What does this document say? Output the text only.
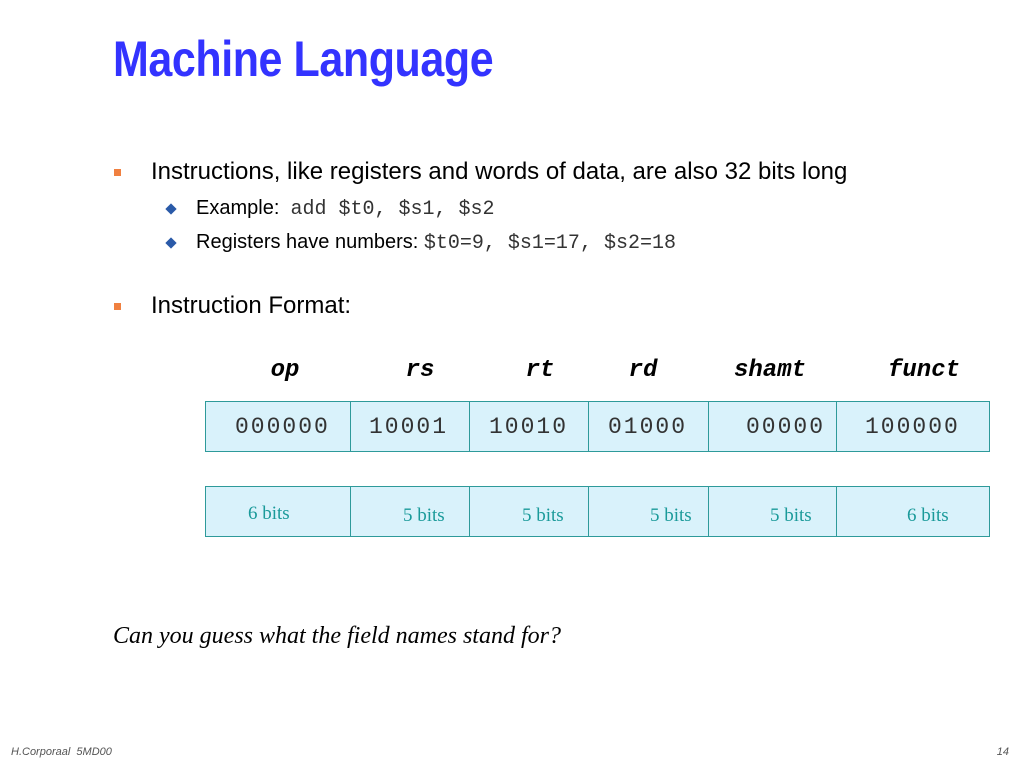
Machine Language
Instructions, like registers and words of data, are also 32 bits long
Example: add $t0, $s1, $s2
Registers have numbers: $t0=9, $s1=17, $s2=18
Instruction Format:
op	rs	rt	rd	shamt	funct
000000	10001	10010	01000	00000	100000
6 bits	5 bits	5 bits	5 bits	5 bits	6 bits
Can you guess what the field names stand for?
H.Corporaal  5MD00	14
